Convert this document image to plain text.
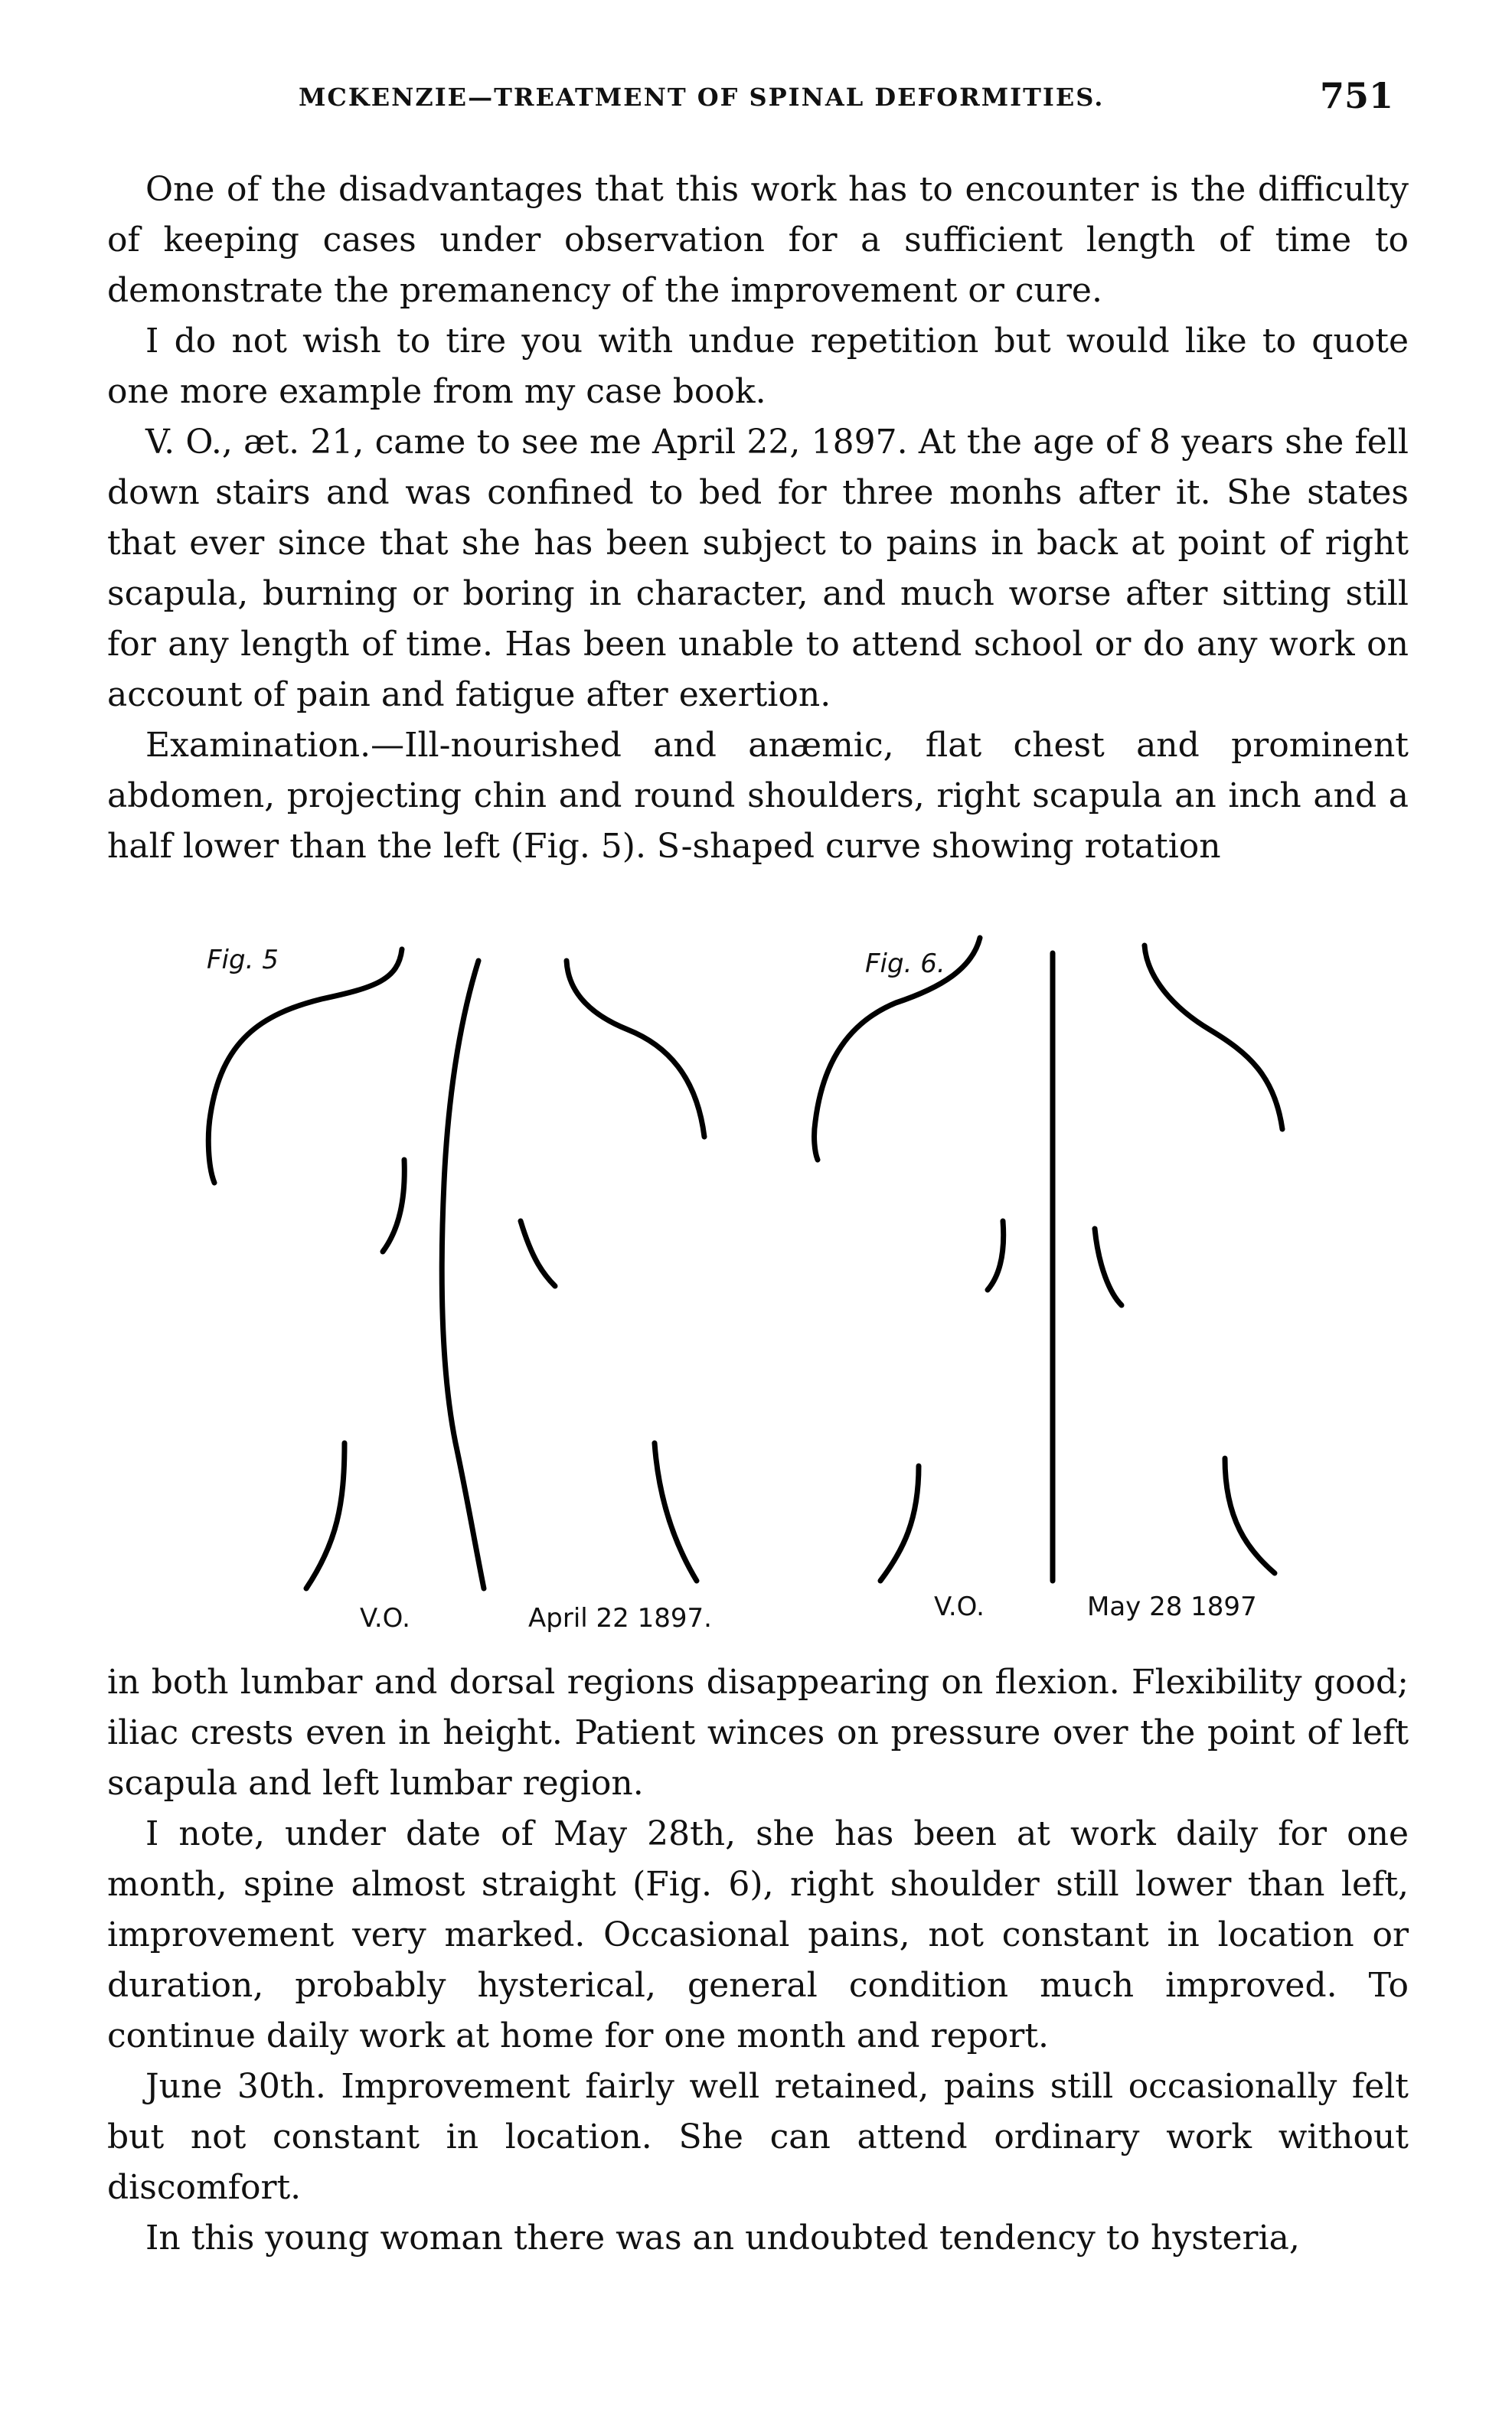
MCKENZIE—TREATMENT OF SPINAL DEFORMITIES.	751

One of the disadvantages that this work has to encounter is the difficulty of keeping cases under observation for a sufficient length of time to demonstrate the premanency of the improvement or cure.

I do not wish to tire you with undue repetition but would like to quote one more example from my case book.

V. O., æt. 21, came to see me April 22, 1897. At the age of 8 years she fell down stairs and was confined to bed for three monhs after it. She states that ever since that she has been subject to pains in back at point of right scapula, burning or boring in character, and much worse after sitting still for any length of time. Has been unable to attend school or do any work on account of pain and fatigue after exertion.

Examination.—Ill-nourished and anæmic, flat chest and prominent abdomen, projecting chin and round shoulders, right scapula an inch and a half lower than the left (Fig. 5). S-shaped curve showing rotation

Fig. 5
V.O.	April 22 1897.
Fig. 6.
V.O.	May 28 1897

in both lumbar and dorsal regions disappearing on flexion. Flexibility good; iliac crests even in height. Patient winces on pressure over the point of left scapula and left lumbar region.

I note, under date of May 28th, she has been at work daily for one month, spine almost straight (Fig. 6), right shoulder still lower than left, improvement very marked. Occasional pains, not constant in location or duration, probably hysterical, general condition much improved. To continue daily work at home for one month and report.

June 30th. Improvement fairly well retained, pains still occasionally felt but not constant in location. She can attend ordinary work without discomfort.

In this young woman there was an undoubted tendency to hysteria,
